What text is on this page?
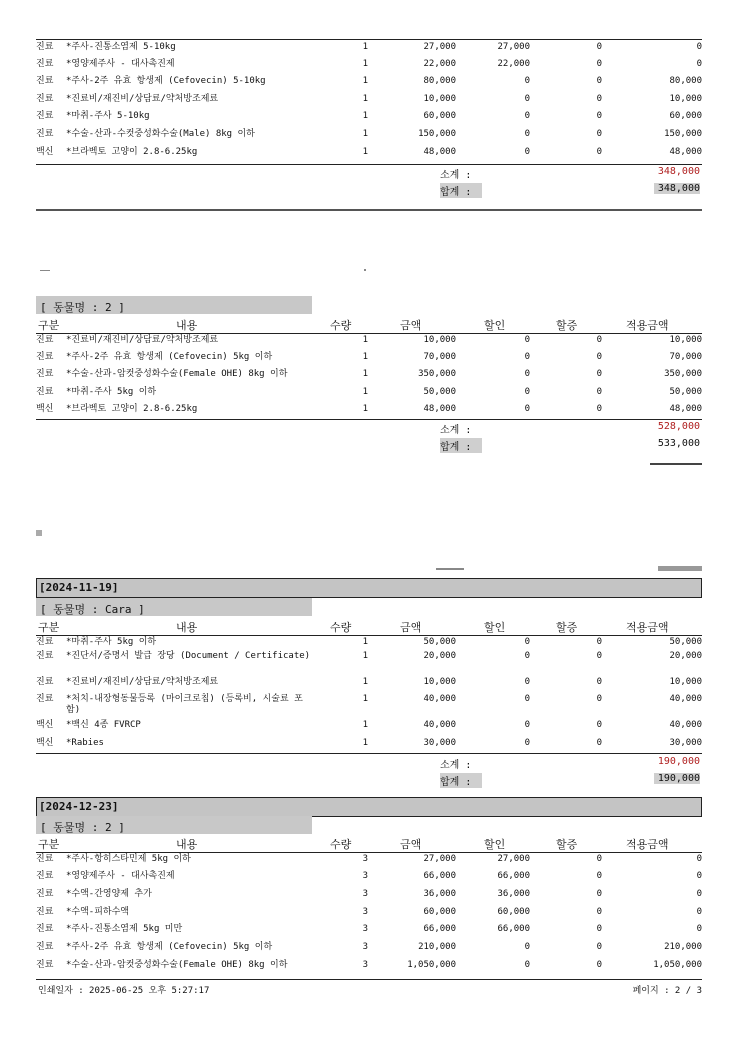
진료 *주사-진통소염제 5-10kg	1	27,000	27,000	0	0
진료 *영양제주사 - 대사촉진제	1	22,000	22,000	0	0
진료 *주사-2주 유효 항생제 (Cefovecin) 5-10kg	1	80,000	0	0	80,000
진료 *진료비/재진비/상담료/약처방조제료	1	10,000	0	0	10,000
진료 *마취-주사 5-10kg	1	60,000	0	0	60,000
진료 *수술-산과-수컷중성화수술(Male) 8kg 이하	1	150,000	0	0	150,000
백신 *브라벡토 고양이 2.8-6.25kg	1	48,000	0	0	48,000
소계 :	348,000
합계 :	348,000
[ 동물명 : 2 ]
구분	내용	수량	금액	할인	할증	적용금액
진료 *진료비/재진비/상담료/약처방조제료	1	10,000	0	0	10,000
진료 *주사-2주 유효 항생제 (Cefovecin) 5kg 이하	1	70,000	0	0	70,000
진료 *수술-산과-암컷중성화수술(Female OHE) 8kg 이하	1	350,000	0	0	350,000
진료 *마취-주사 5kg 이하	1	50,000	0	0	50,000
백신 *브라벡토 고양이 2.8-6.25kg	1	48,000	0	0	48,000
소계 :	528,000
합계 :	533,000
[2024-11-19]
[ 동물명 : Cara ]
구분	내용	수량	금액	할인	할증	적용금액
진료 *마취-주사 5kg 이하	1	50,000	0	0	50,000
진료 *진단서/증명서 발급 장당 (Document / Certificate)	1	20,000	0	0	20,000
진료 *진료비/재진비/상담료/약처방조제료	1	10,000	0	0	10,000
진료 *처치-내장형동물등록 (마이크로칩) (등록비, 시술료 포함)
1	40,000	0	0	40,000
백신 *백신 4종 FVRCP	1	40,000	0	0	40,000
백신 *Rabies	1	30,000	0	0	30,000
소계 :	190,000
합계 :	190,000
[2024-12-23]
[ 동물명 : 2 ]
구분	내용	수량	금액	할인	할증	적용금액
진료 *주사-항히스타민제 5kg 이하	3	27,000	27,000	0	0
진료 *영양제주사 - 대사촉진제	3	66,000	66,000	0	0
진료 *수액-간영양제 추가	3	36,000	36,000	0	0
진료 *수액-피하수액	3	60,000	60,000	0	0
진료 *주사-진통소염제 5kg 미만	3	66,000	66,000	0	0
진료 *주사-2주 유효 항생제 (Cefovecin) 5kg 이하	3	210,000	0	0	210,000
진료 *수술-산과-암컷중성화수술(Female OHE) 8kg 이하	3	1,050,000	0	0	1,050,000
인쇄일자 : 2025-06-25 오후 5:27:17	페이지 : 2 / 3
